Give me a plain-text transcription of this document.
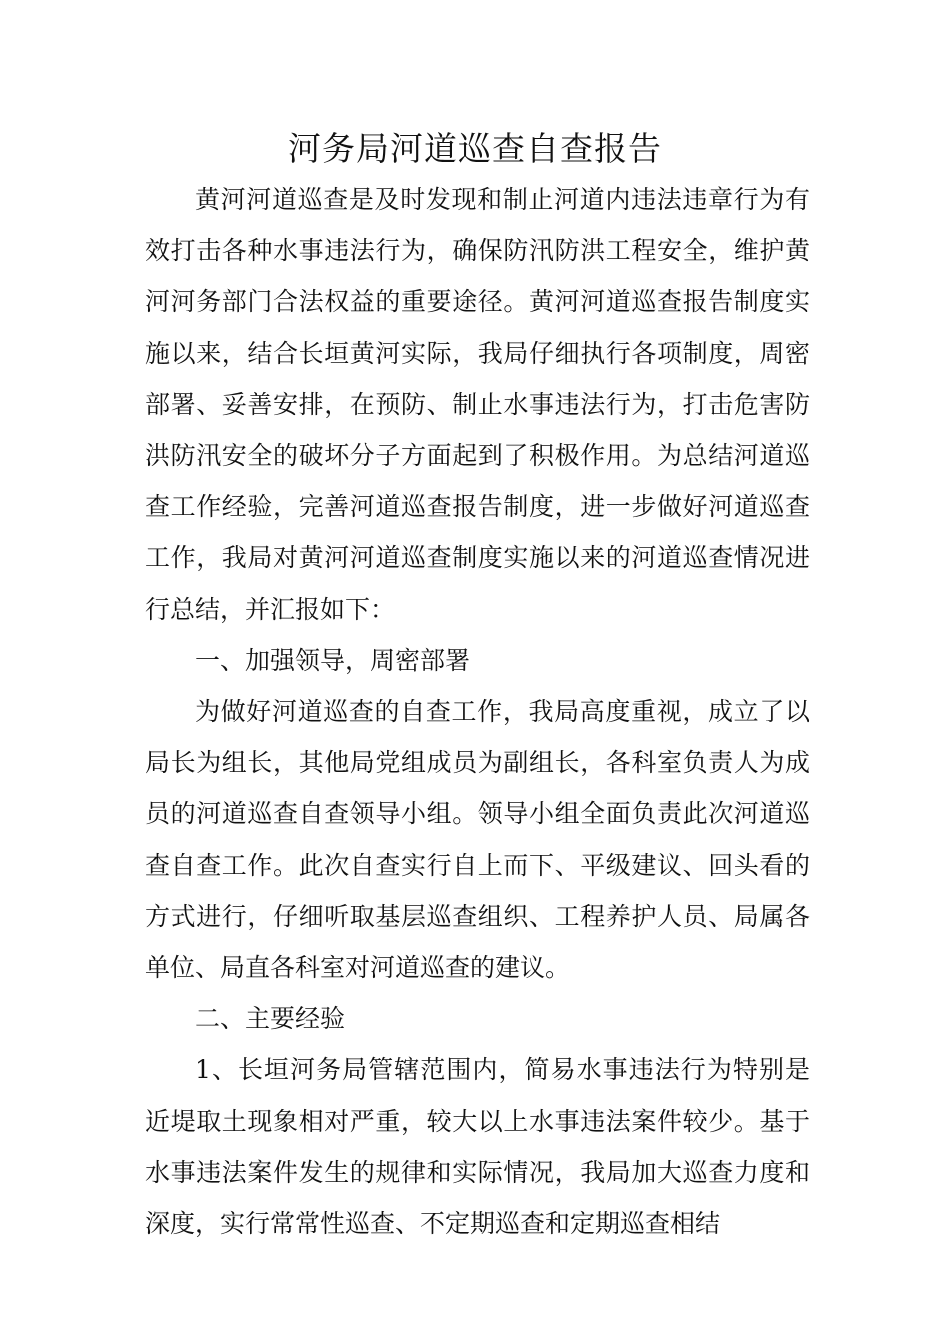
河务局河道巡查自查报告

黄河河道巡查是及时发现和制止河道内违法违章行为有效打击各种水事违法行为，确保防汛防洪工程安全，维护黄河河务部门合法权益的重要途径。黄河河道巡查报告制度实施以来，结合长垣黄河实际，我局仔细执行各项制度，周密部署、妥善安排，在预防、制止水事违法行为，打击危害防洪防汛安全的破坏分子方面起到了积极作用。为总结河道巡查工作经验，完善河道巡查报告制度，进一步做好河道巡查工作，我局对黄河河道巡查制度实施以来的河道巡查情况进行总结，并汇报如下：

一、加强领导，周密部署

为做好河道巡查的自查工作，我局高度重视，成立了以局长为组长，其他局党组成员为副组长，各科室负责人为成员的河道巡查自查领导小组。领导小组全面负责此次河道巡查自查工作。此次自查实行自上而下、平级建议、回头看的方式进行，仔细听取基层巡查组织、工程养护人员、局属各单位、局直各科室对河道巡查的建议。

二、主要经验

1、长垣河务局管辖范围内，简易水事违法行为特别是近堤取土现象相对严重，较大以上水事违法案件较少。基于水事违法案件发生的规律和实际情况，我局加大巡查力度和深度，实行常常性巡查、不定期巡查和定期巡查相结
